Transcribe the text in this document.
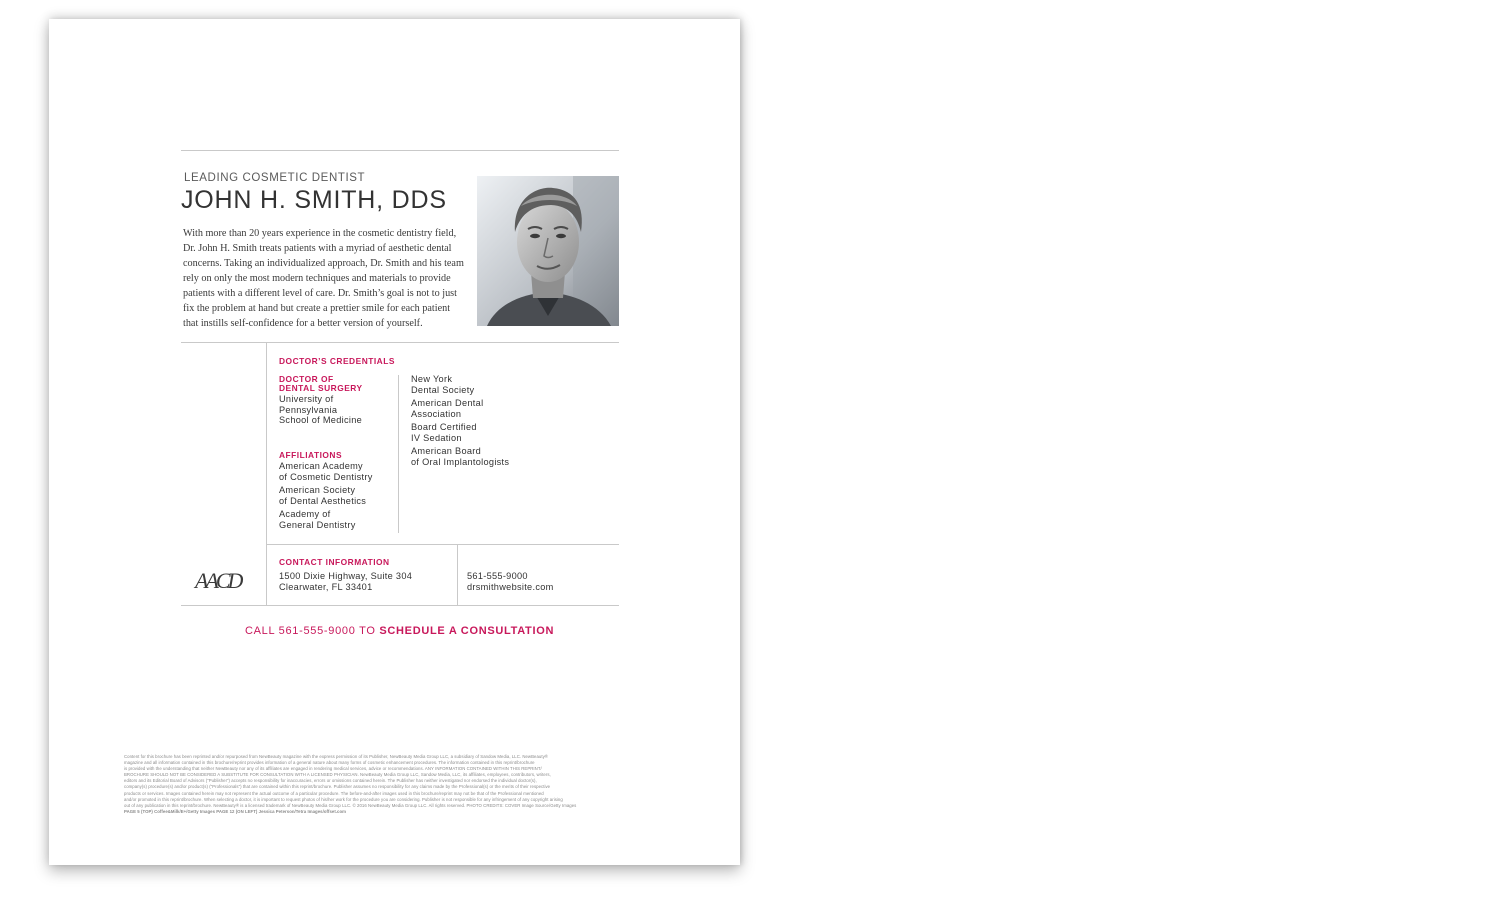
LEADING COSMETIC DENTIST
JOHN H. SMITH, DDS
With more than 20 years experience in the cosmetic dentistry field,
Dr. John H. Smith treats patients with a myriad of aesthetic dental
concerns. Taking an individualized approach, Dr. Smith and his team
rely on only the most modern techniques and materials to provide
patients with a different level of care. Dr. Smith’s goal is not to just
fix the problem at hand but create a prettier smile for each patient
that instills self-confidence for a better version of yourself.
DOCTOR’S CREDENTIALS
DOCTOR OF
DENTAL SURGERY
University of
Pennsylvania
School of Medicine
AFFILIATIONS
American Academy
of Cosmetic Dentistry
American Society
of Dental Aesthetics
Academy of
General Dentistry
New York
Dental Society
American Dental
Association
Board Certified
IV Sedation
American Board
of Oral Implantologists
AACD
CONTACT INFORMATION
1500 Dixie Highway, Suite 304
Clearwater, FL 33401
561-555-9000
drsmithwebsite.com
CALL 561-555-9000 TO SCHEDULE A CONSULTATION
Content for this brochure has been reprinted and/or repurposed from NewBeauty magazine with the express permission of its Publisher, NewBeauty Media Group LLC, a subsidiary of Sandow Media, LLC. NewBeauty®
magazine and all information contained in this brochure/reprint provides information of a general nature about many forms of cosmetic enhancement procedures. The information contained in this reprint/brochure
is provided with the understanding that neither NewBeauty nor any of its affiliates are engaged in rendering medical services, advice or recommendations. ANY INFORMATION CONTAINED WITHIN THIS REPRINT/
BROCHURE SHOULD NOT BE CONSIDERED A SUBSTITUTE FOR CONSULTATION WITH A LICENSED PHYSICIAN. NewBeauty Media Group LLC, Sandow Media, LLC, its affiliates, employees, contributors, writers,
editors and its Editorial Board of Advisors (“Publisher”) accepts no responsibility for inaccuracies, errors or omissions contained herein. The Publisher has neither investigated nor endorsed the individual doctor(s),
company(s) procedure(s) and/or product(s) (“Professionals”) that are contained within this reprint/brochure. Publisher assumes no responsibility for any claims made by the Professional(s) or the merits of their respective
products or services. Images contained herein may not represent the actual outcome of a particular procedure. The before-and-after images used in this brochure/reprint may not be that of the Professional mentioned
and/or promoted in this reprint/brochure. When selecting a doctor, it is important to request photos of his/her work for the procedure you are considering. Publisher is not responsible for any infringement of any copyright arising
out of any publication in this reprint/brochure. NewBeauty® is a licensed trademark of NewBeauty Media Group LLC. © 2016 NewBeauty Media Group LLC. All rights reserved. PHOTO CREDITS: COVER Image Source/Getty Images
PAGE 5 (TOP) Coffee&Milk/E+/Getty Images PAGE 12 (ON LEFT) Jessica Peterson/Tetra Images/offset.com
